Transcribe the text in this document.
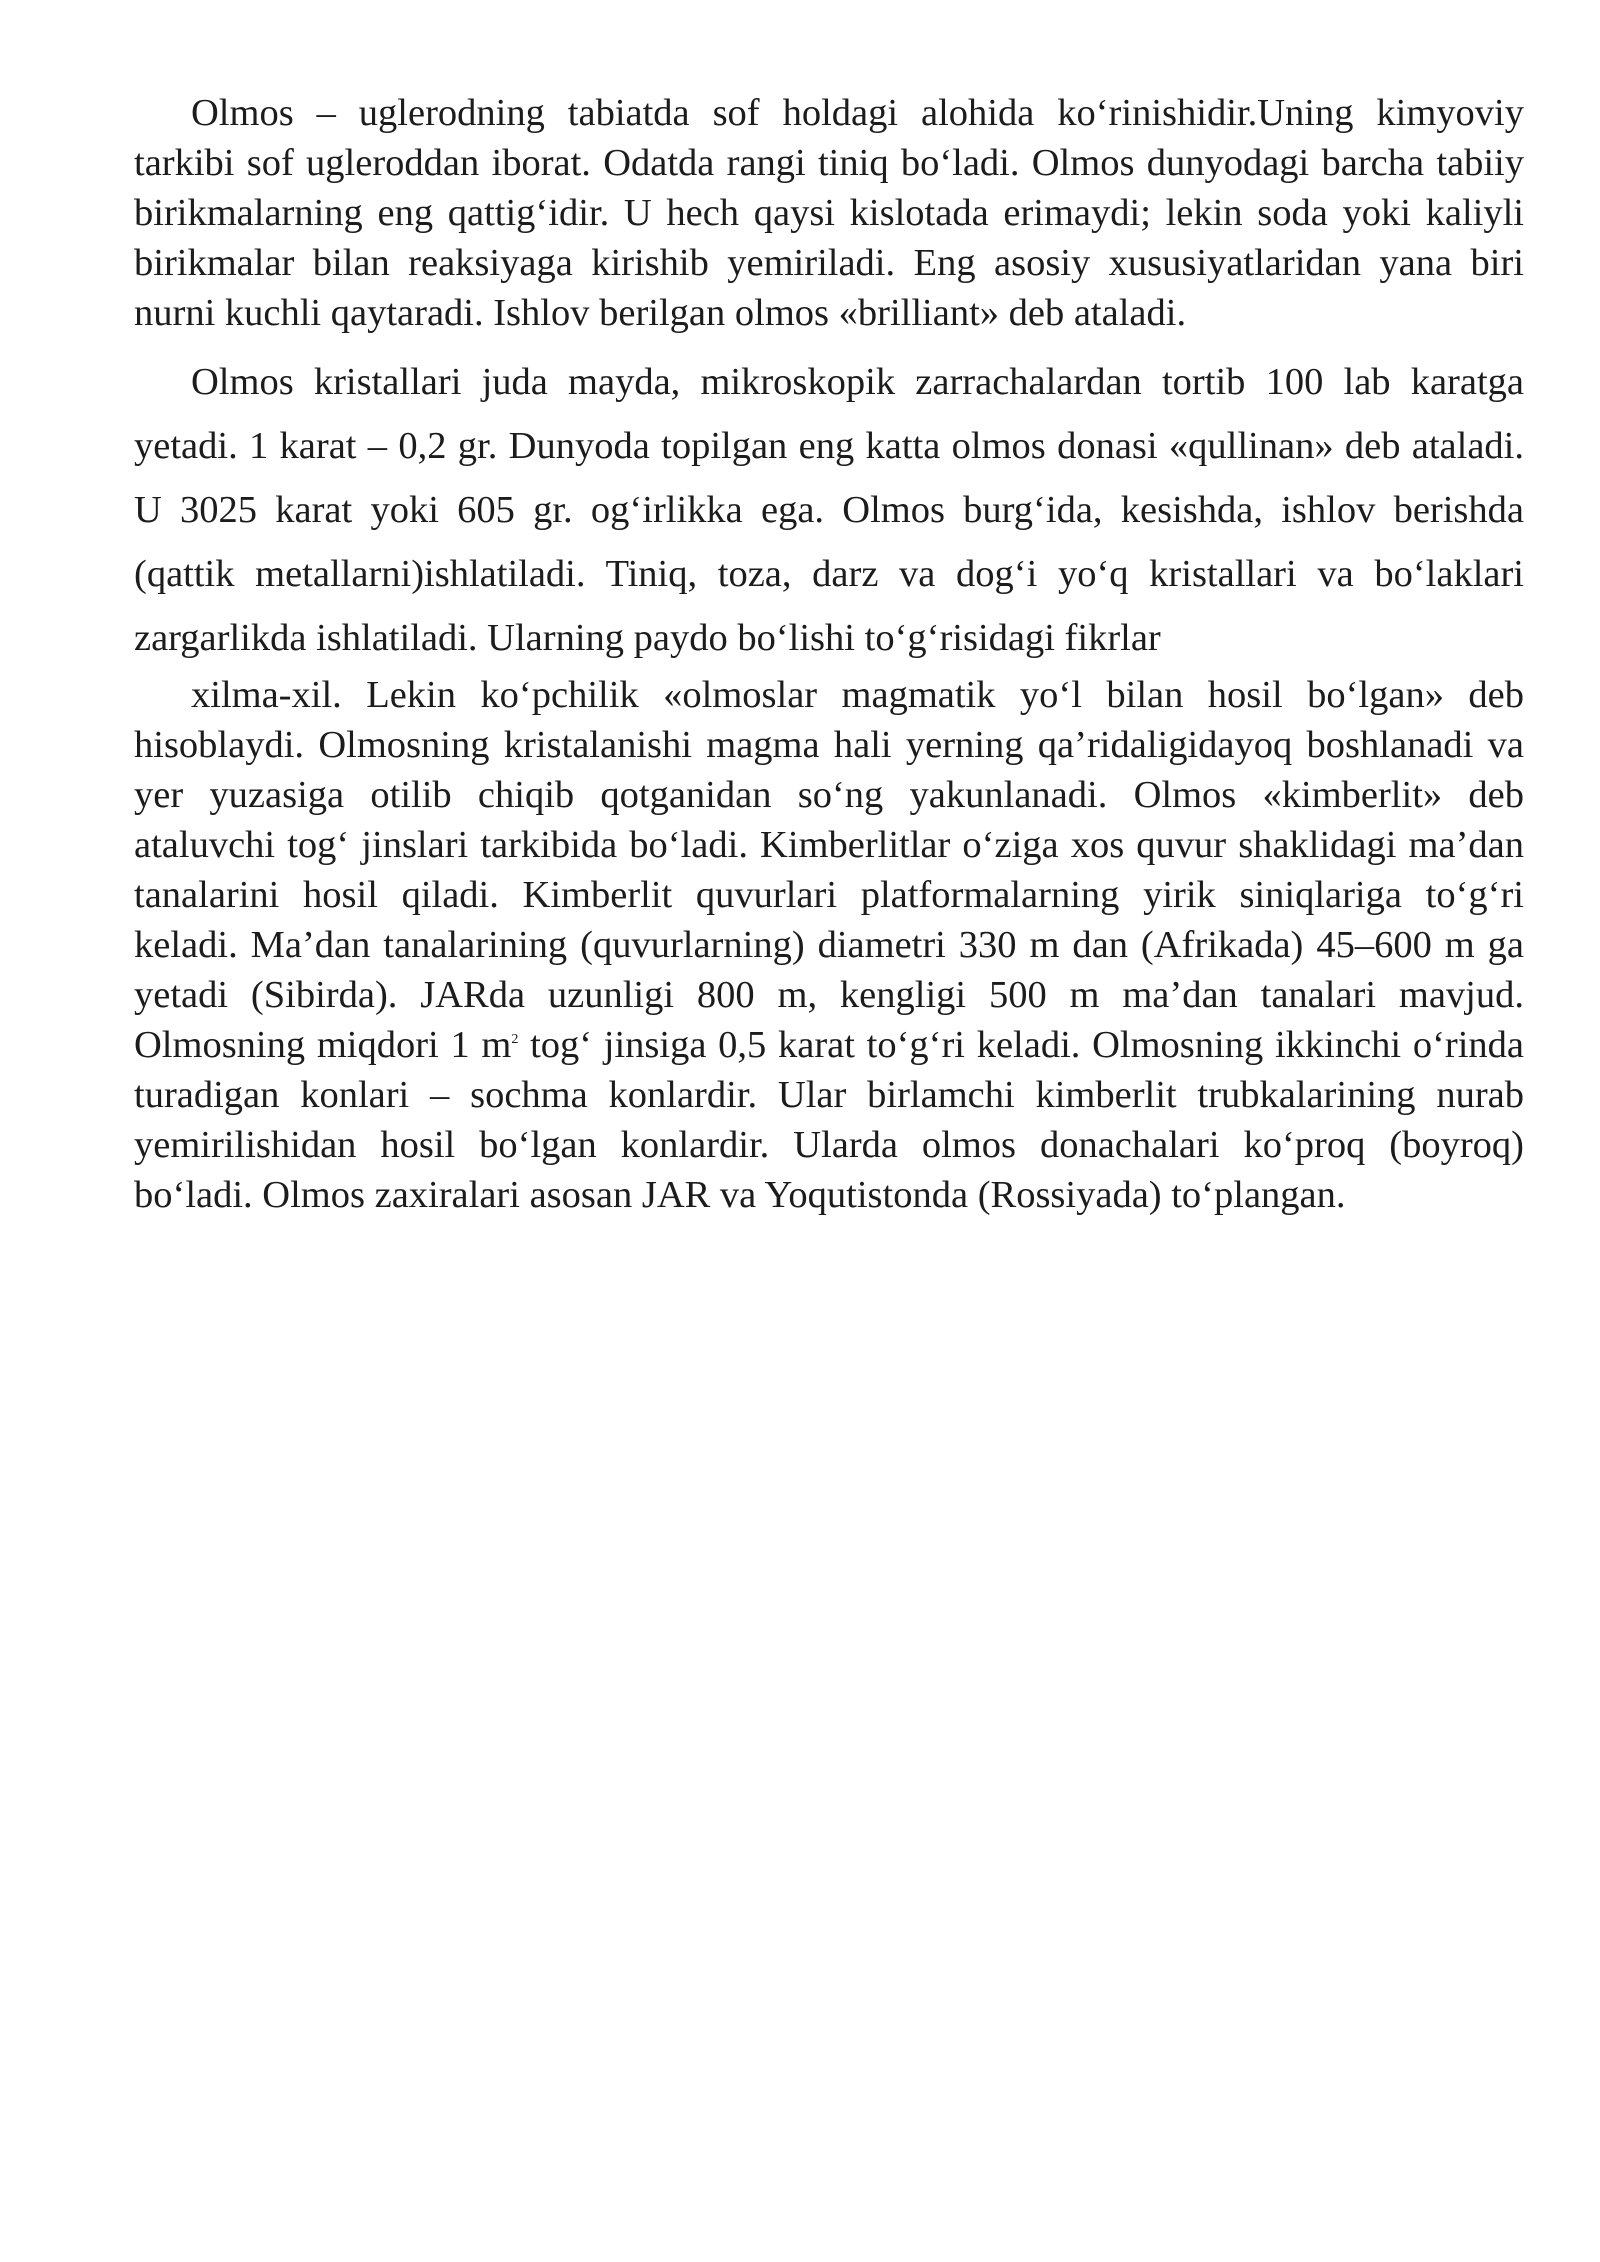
Olmos – uglerodning tabiatda sof holdagi alohida ko‘rinishidir.Uning kimyoviy tarkibi sof ugleroddan iborat. Odatda rangi tiniq bo‘ladi. Olmos dunyodagi barcha tabiiy birikmalarning eng qattig‘idir. U hech qaysi kislotada erimaydi; lekin soda yoki kaliyli birikmalar bilan reaksiyaga kirishib yemiriladi. Eng asosiy xususiyatlaridan yana biri nurni kuchli qaytaradi. Ishlov berilgan olmos «brilliant» deb ataladi.

Olmos kristallari juda mayda, mikroskopik zarrachalardan tortib 100 lab karatga yetadi. 1 karat – 0,2 gr. Dunyoda topilgan eng katta olmos donasi «qullinan» deb ataladi. U 3025 karat yoki 605 gr. og‘irlikka ega. Olmos burg‘ida, kesishda, ishlov berishda (qattik metallarni)ishlatiladi. Tiniq, toza, darz va dog‘i yo‘q kristallari va bo‘laklari zargarlikda ishlatiladi. Ularning paydo bo‘lishi to‘g‘risidagi fikrlar

xilma-xil. Lekin ko‘pchilik «olmoslar magmatik yo‘l bilan hosil bo‘lgan» deb hisoblaydi. Olmosning kristalanishi magma hali yerning qa’ridaligidayoq boshlanadi va yer yuzasiga otilib chiqib qotganidan so‘ng yakunlanadi. Olmos «kimberlit» deb ataluvchi tog‘ jinslari tarkibida bo‘ladi. Kimberlitlar o‘ziga xos quvur shaklidagi ma’dan tanalarini hosil qiladi. Kimberlit quvurlari platformalarning yirik siniqlariga to‘g‘ri keladi. Ma’dan tanalarining (quvurlarning) diametri 330 m dan (Afrikada) 45–600 m ga yetadi (Sibirda). JARda uzunligi 800 m, kengligi 500 m ma’dan tanalari mavjud. Olmosning miqdori 1 $m^2$ tog‘ jinsiga 0,5 karat to‘g‘ri keladi. Olmosning ikkinchi o‘rinda turadigan konlari – sochma konlardir. Ular birlamchi kimberlit trubkalarining nurab yemirilishidan hosil bo‘lgan konlardir. Ularda olmos donachalari ko‘proq (boyroq) bo‘ladi. Olmos zaxiralari asosan JAR va Yoqutistonda (Rossiyada) to‘plangan.
